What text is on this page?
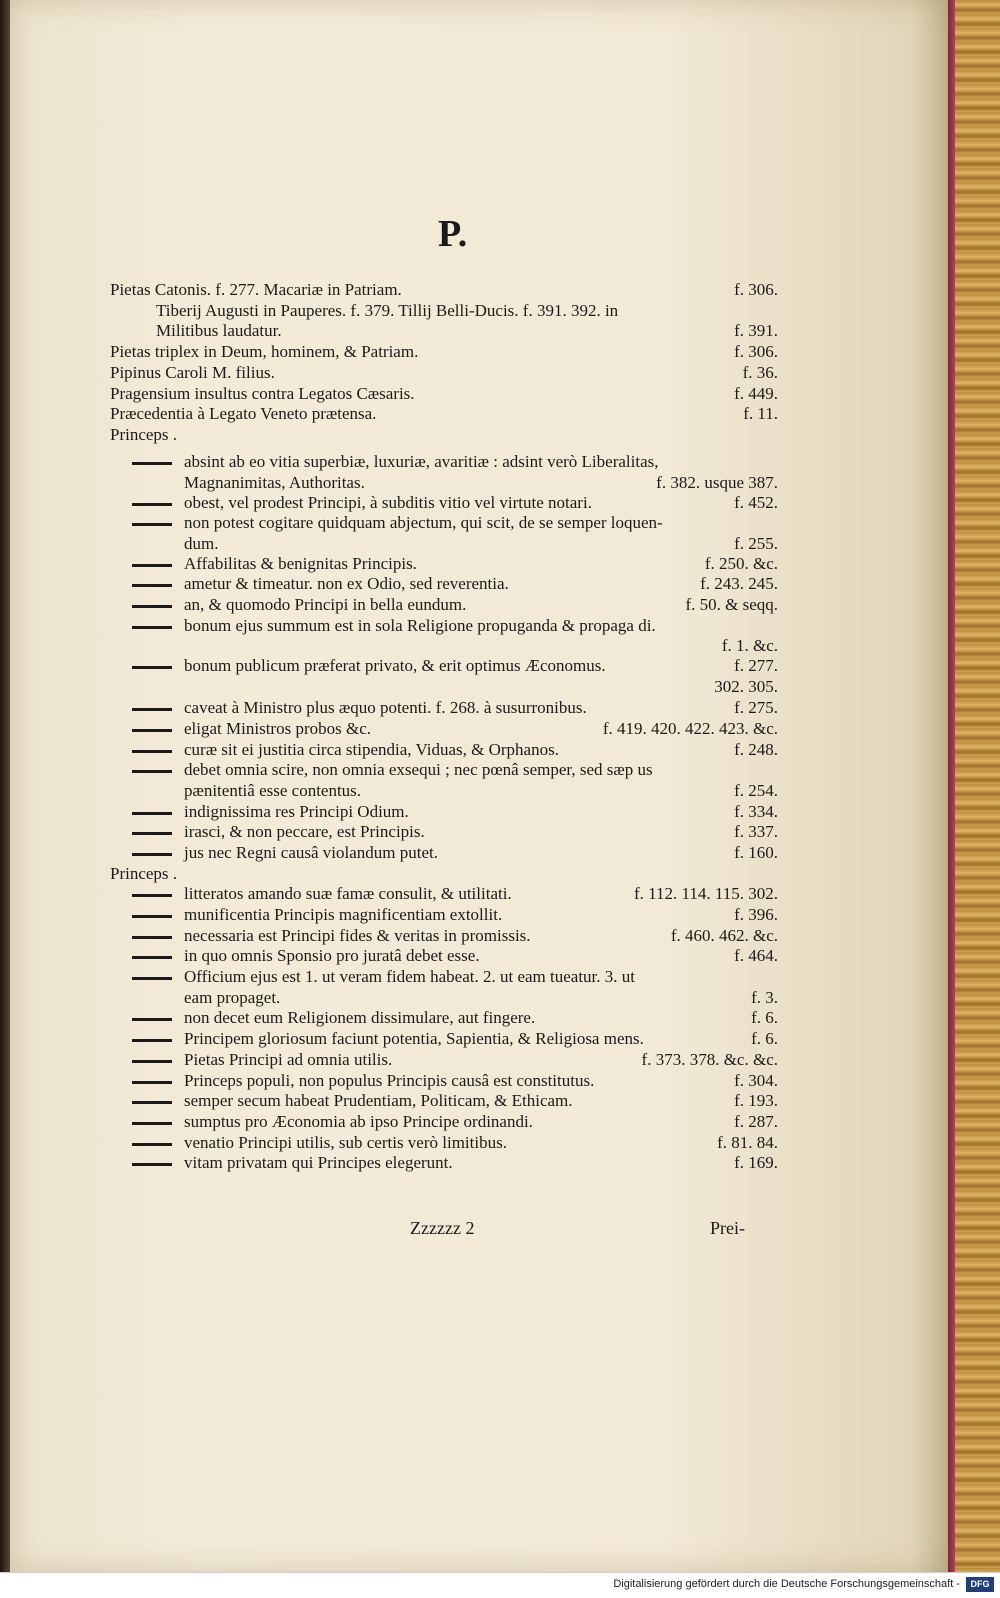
P.
Pietas Catonis. f. 277. Macariæ in Patriam.	f. 306.
Tiberij Augusti in Pauperes. f. 379. Tillij Belli-Ducis. f. 391. 392. in
Militibus laudatur.	f. 391.
Pietas triplex in Deum, hominem, & Patriam.	f. 306.
Pipinus Caroli M. filius.	f. 36.
Pragensium insultus contra Legatos Cæsaris.	f. 449.
Præcedentia à Legato Veneto prætensa.	f. 11.
Princeps .
absint ab eo vitia superbiæ, luxuriæ, avaritiæ : adsint verò Liberalitas,
Magnanimitas, Authoritas.	f. 382. usque 387.
obest, vel prodest Principi, à subditis vitio vel virtute notari.	f. 452.
non potest cogitare quidquam abjectum, qui scit, de se semper loquen-
dum.	f. 255.
Affabilitas & benignitas Principis.	f. 250. &c.
ametur & timeatur. non ex Odio, sed reverentia.	f. 243. 245.
an, & quomodo Principi in bella eundum.	f. 50. & seqq.
bonum ejus summum est in sola Religione propuganda & propaga di.
f. 1. &c.
bonum publicum præferat privato, & erit optimus Æconomus.	f. 277.
302. 305.
caveat à Ministro plus æquo potenti. f. 268. à susurronibus.	f. 275.
eligat Ministros probos &c.	f. 419. 420. 422. 423. &c.
curæ sit ei justitia circa stipendia, Viduas, & Orphanos.	f. 248.
debet omnia scire, non omnia exsequi ; nec pœnâ semper, sed sæp us
pænitentiâ esse contentus.	f. 254.
indignissima res Principi Odium.	f. 334.
irasci, & non peccare, est Principis.	f. 337.
jus nec Regni causâ violandum putet.	f. 160.
Princeps .
litteratos amando suæ famæ consulit, & utilitati.	f. 112. 114. 115. 302.
munificentia Principis magnificentiam extollit.	f. 396.
necessaria est Principi fides & veritas in promissis.	f. 460. 462. &c.
in quo omnis Sponsio pro juratâ debet esse.	f. 464.
Officium ejus est 1. ut veram fidem habeat. 2. ut eam tueatur. 3. ut
eam propaget.	f. 3.
non decet eum Religionem dissimulare, aut fingere.	f. 6.
Principem gloriosum faciunt potentia, Sapientia, & Religiosa mens.	f. 6.
Pietas Principi ad omnia utilis.	f. 373. 378. &c. &c.
Princeps populi, non populus Principis causâ est constitutus.	f. 304.
semper secum habeat Prudentiam, Politicam, & Ethicam.	f. 193.
sumptus pro Æconomia ab ipso Principe ordinandi.	f. 287.
venatio Principi utilis, sub certis verò limitibus.	f. 81. 84.
vitam privatam qui Principes elegerunt.	f. 169.
Zzzzzz 2	Prei-
Digitalisierung gefördert durch die Deutsche Forschungsgemeinschaft -	DFG
